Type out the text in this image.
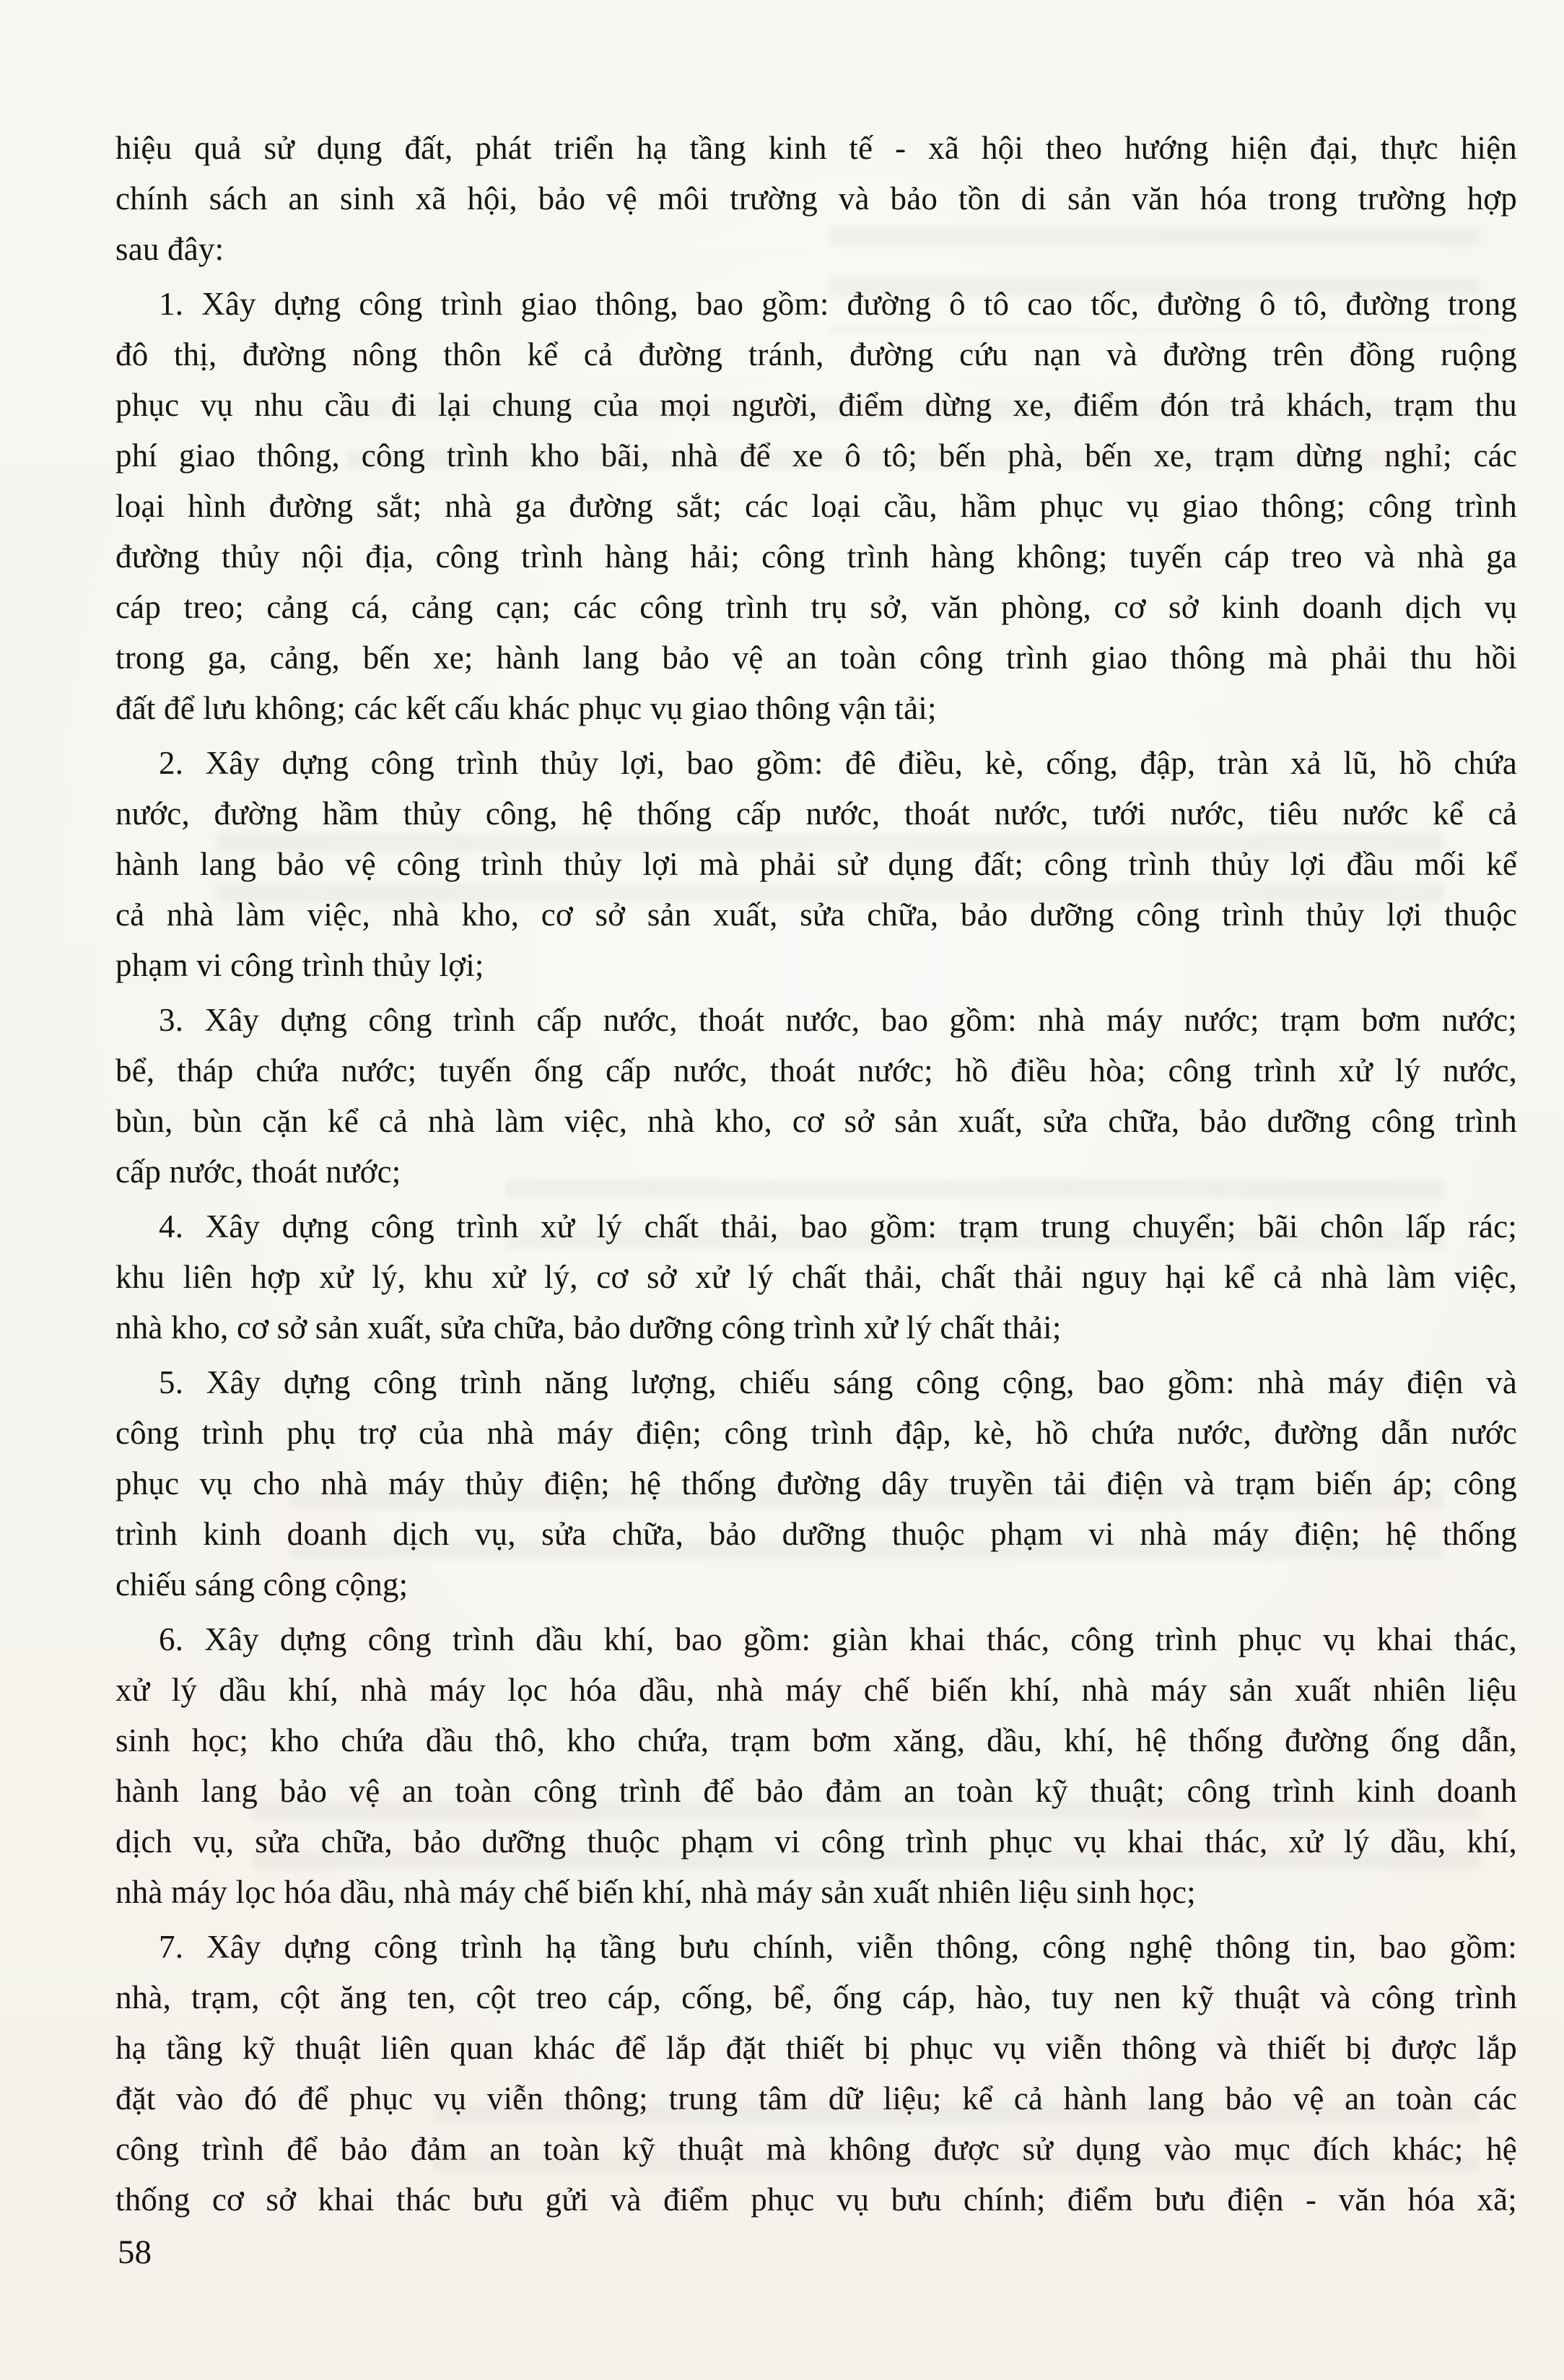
hiệu quả sử dụng đất, phát triển hạ tầng kinh tế - xã hội theo hướng hiện đại, thực hiện
chính sách an sinh xã hội, bảo vệ môi trường và bảo tồn di sản văn hóa trong trường hợp
sau đây:
1. Xây dựng công trình giao thông, bao gồm: đường ô tô cao tốc, đường ô tô, đường trong
đô thị, đường nông thôn kể cả đường tránh, đường cứu nạn và đường trên đồng ruộng
phục vụ nhu cầu đi lại chung của mọi người, điểm dừng xe, điểm đón trả khách, trạm thu
phí giao thông, công trình kho bãi, nhà để xe ô tô; bến phà, bến xe, trạm dừng nghỉ; các
loại hình đường sắt; nhà ga đường sắt; các loại cầu, hầm phục vụ giao thông; công trình
đường thủy nội địa, công trình hàng hải; công trình hàng không; tuyến cáp treo và nhà ga
cáp treo; cảng cá, cảng cạn; các công trình trụ sở, văn phòng, cơ sở kinh doanh dịch vụ
trong ga, cảng, bến xe; hành lang bảo vệ an toàn công trình giao thông mà phải thu hồi
đất để lưu không; các kết cấu khác phục vụ giao thông vận tải;
2. Xây dựng công trình thủy lợi, bao gồm: đê điều, kè, cống, đập, tràn xả lũ, hồ chứa
nước, đường hầm thủy công, hệ thống cấp nước, thoát nước, tưới nước, tiêu nước kể cả
hành lang bảo vệ công trình thủy lợi mà phải sử dụng đất; công trình thủy lợi đầu mối kể
cả nhà làm việc, nhà kho, cơ sở sản xuất, sửa chữa, bảo dưỡng công trình thủy lợi thuộc
phạm vi công trình thủy lợi;
3. Xây dựng công trình cấp nước, thoát nước, bao gồm: nhà máy nước; trạm bơm nước;
bể, tháp chứa nước; tuyến ống cấp nước, thoát nước; hồ điều hòa; công trình xử lý nước,
bùn, bùn cặn kể cả nhà làm việc, nhà kho, cơ sở sản xuất, sửa chữa, bảo dưỡng công trình
cấp nước, thoát nước;
4. Xây dựng công trình xử lý chất thải, bao gồm: trạm trung chuyển; bãi chôn lấp rác;
khu liên hợp xử lý, khu xử lý, cơ sở xử lý chất thải, chất thải nguy hại kể cả nhà làm việc,
nhà kho, cơ sở sản xuất, sửa chữa, bảo dưỡng công trình xử lý chất thải;
5. Xây dựng công trình năng lượng, chiếu sáng công cộng, bao gồm: nhà máy điện và
công trình phụ trợ của nhà máy điện; công trình đập, kè, hồ chứa nước, đường dẫn nước
phục vụ cho nhà máy thủy điện; hệ thống đường dây truyền tải điện và trạm biến áp; công
trình kinh doanh dịch vụ, sửa chữa, bảo dưỡng thuộc phạm vi nhà máy điện; hệ thống
chiếu sáng công cộng;
6. Xây dựng công trình dầu khí, bao gồm: giàn khai thác, công trình phục vụ khai thác,
xử lý dầu khí, nhà máy lọc hóa dầu, nhà máy chế biến khí, nhà máy sản xuất nhiên liệu
sinh học; kho chứa dầu thô, kho chứa, trạm bơm xăng, dầu, khí, hệ thống đường ống dẫn,
hành lang bảo vệ an toàn công trình để bảo đảm an toàn kỹ thuật; công trình kinh doanh
dịch vụ, sửa chữa, bảo dưỡng thuộc phạm vi công trình phục vụ khai thác, xử lý dầu, khí,
nhà máy lọc hóa dầu, nhà máy chế biến khí, nhà máy sản xuất nhiên liệu sinh học;
7. Xây dựng công trình hạ tầng bưu chính, viễn thông, công nghệ thông tin, bao gồm:
nhà, trạm, cột ăng ten, cột treo cáp, cống, bể, ống cáp, hào, tuy nen kỹ thuật và công trình
hạ tầng kỹ thuật liên quan khác để lắp đặt thiết bị phục vụ viễn thông và thiết bị được lắp
đặt vào đó để phục vụ viễn thông; trung tâm dữ liệu; kể cả hành lang bảo vệ an toàn các
công trình để bảo đảm an toàn kỹ thuật mà không được sử dụng vào mục đích khác; hệ
thống cơ sở khai thác bưu gửi và điểm phục vụ bưu chính; điểm bưu điện - văn hóa xã;
58
